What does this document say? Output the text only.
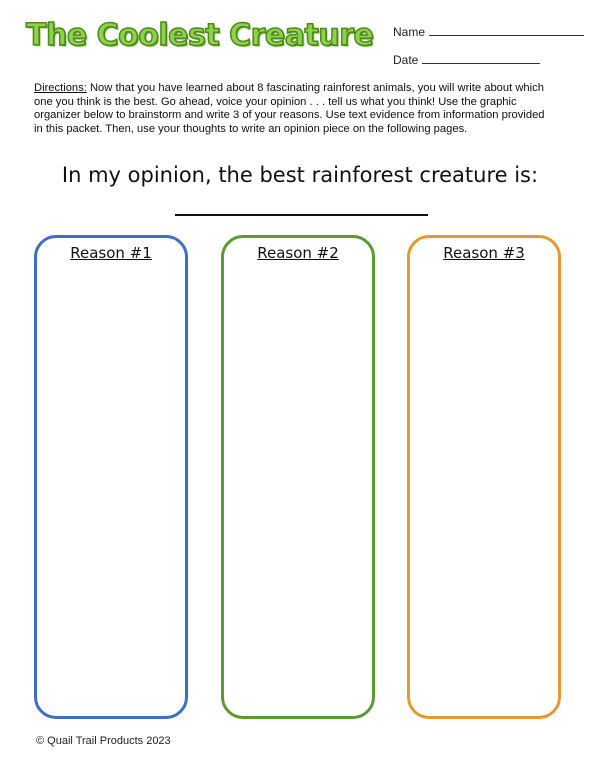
The Coolest Creature Name
Date
Directions: Now that you have learned about 8 fascinating rainforest animals, you will write about which one you think is the best. Go ahead, voice your opinion . . . tell us what you think! Use the graphic organizer below to brainstorm and write 3 of your reasons. Use text evidence from information provided in this packet. Then, use your thoughts to write an opinion piece on the following pages.
In my opinion, the best rainforest creature is:
Reason #1	Reason #2	Reason #3
© Quail Trail Products 2023
